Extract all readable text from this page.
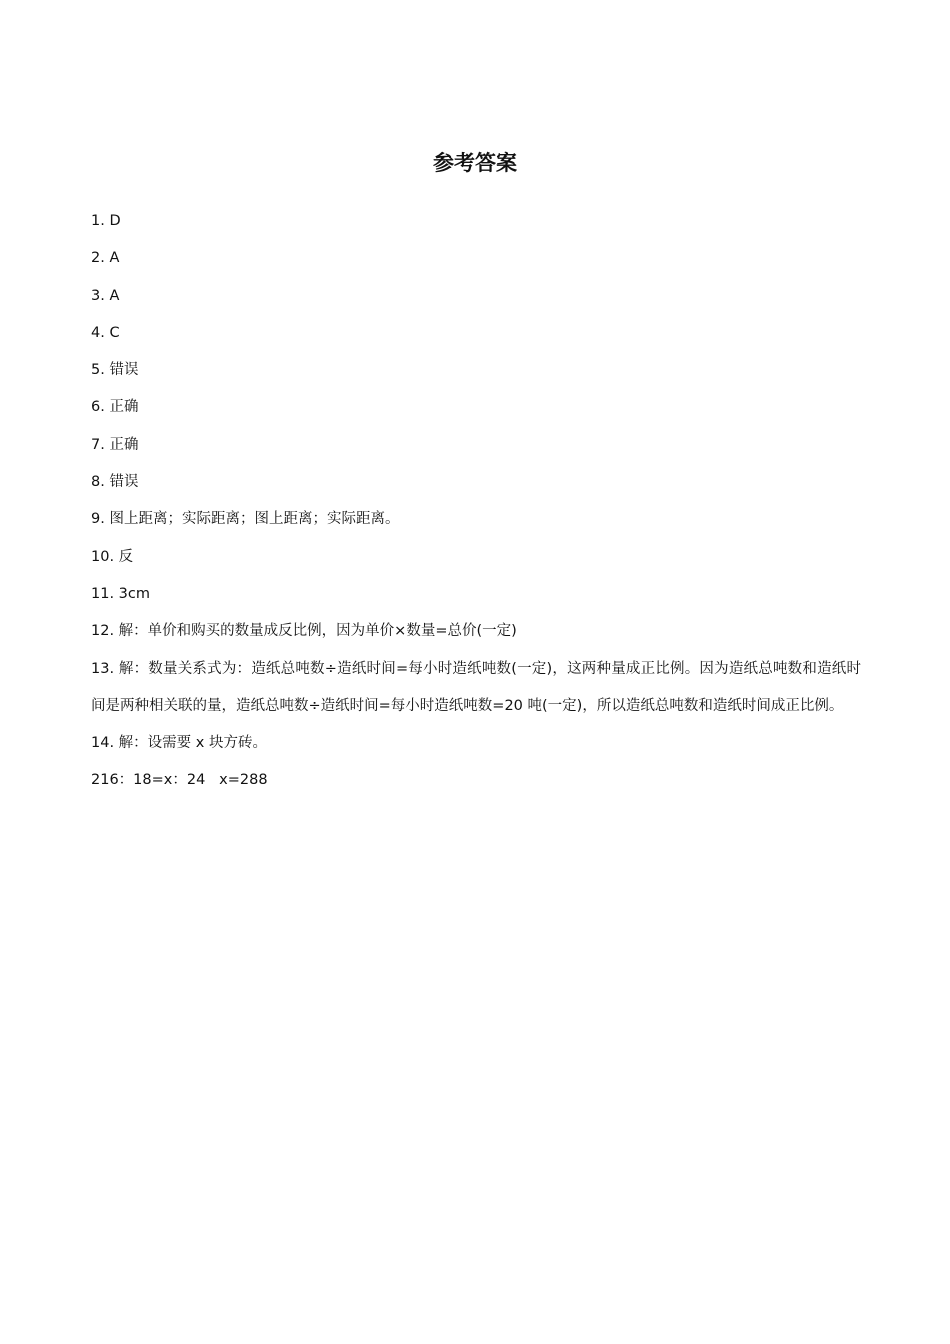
参考答案
1. D
2. A
3. A
4. C
5. 错误
6. 正确
7. 正确
8. 错误
9. 图上距离；实际距离；图上距离；实际距离。
10. 反
11. 3cm
12. 解：单价和购买的数量成反比例，因为单价×数量=总价(一定)
13. 解：数量关系式为：造纸总吨数÷造纸时间=每小时造纸吨数(一定)，这两种量成正比例。因为造纸总吨数和造纸时间是两种相关联的量，造纸总吨数÷造纸时间=每小时造纸吨数=20 吨(一定)，所以造纸总吨数和造纸时间成正比例。
14. 解：设需要 x 块方砖。
216：18=x：24   x=288
